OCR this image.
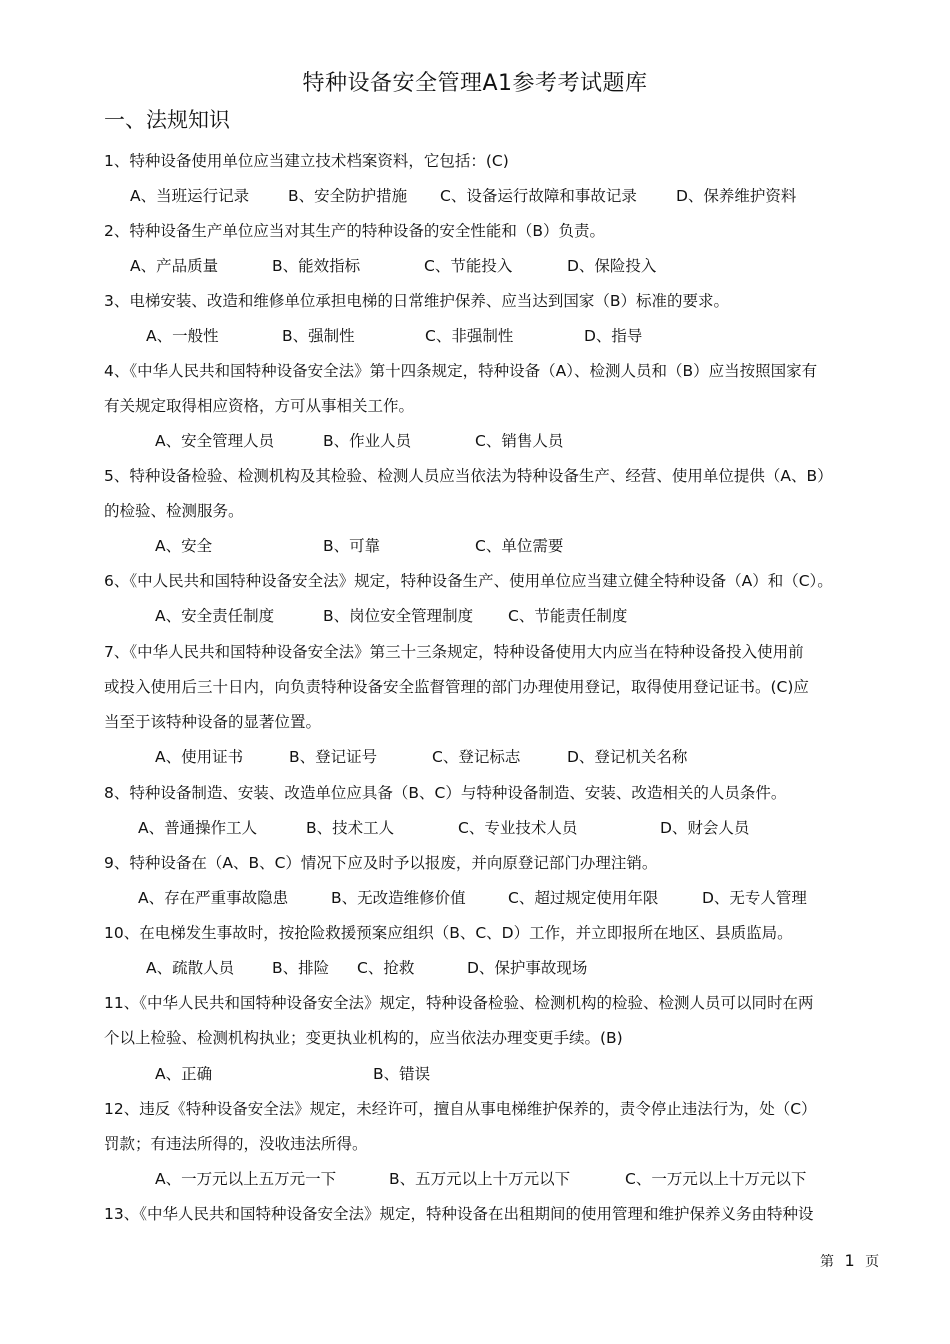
特种设备安全管理A1参考考试题库
一、法规知识
1、特种设备使用单位应当建立技术档案资料，它包括：(C)
A、当班运行记录	B、安全防护措施 C、设备运行故障和事故记录	D、保养维护资料
2、特种设备生产单位应当对其生产的特种设备的安全性能和（B）负责。
A、产品质量	B、能效指标	C、节能投入	D、保险投入
3、电梯安装、改造和维修单位承担电梯的日常维护保养、应当达到国家（B）标准的要求。
A、一般性	B、强制性	C、非强制性	D、指导
4、《中华人民共和国特种设备安全法》第十四条规定，特种设备（A）、检测人员和（B）应当按照国家有
有关规定取得相应资格，方可从事相关工作。
A、安全管理人员	B、作业人员	C、销售人员
5、特种设备检验、检测机构及其检验、检测人员应当依法为特种设备生产、经营、使用单位提供（A、B）
的检验、检测服务。
A、安全	B、可靠	C、单位需要
6、《中人民共和国特种设备安全法》规定，特种设备生产、使用单位应当建立健全特种设备（A）和（C）。
A、安全责任制度	B、岗位安全管理制度 C、节能责任制度
7、《中华人民共和国特种设备安全法》第三十三条规定，特种设备使用大内应当在特种设备投入使用前
或投入使用后三十日内，向负责特种设备安全监督管理的部门办理使用登记，取得使用登记证书。(C)应
当至于该特种设备的显著位置。
A、使用证书	B、登记证号	C、登记标志	D、登记机关名称
8、特种设备制造、安装、改造单位应具备（B、C）与特种设备制造、安装、改造相关的人员条件。
A、普通操作工人	B、技术工人	C、专业技术人员	D、财会人员
9、特种设备在（A、B、C）情况下应及时予以报废，并向原登记部门办理注销。
A、存在严重事故隐患	B、无改造维修价值	C、超过规定使用年限	D、无专人管理
10、在电梯发生事故时，按抢险救援预案应组织（B、C、D）工作，并立即报所在地区、县质监局。
A、疏散人员 B、排险 C、抢救	D、保护事故现场
11、《中华人民共和国特种设备安全法》规定，特种设备检验、检测机构的检验、检测人员可以同时在两
个以上检验、检测机构执业；变更执业机构的，应当依法办理变更手续。(B)
A、正确	B、错误
12、违反《特种设备安全法》规定，未经许可，擅自从事电梯维护保养的，责令停止违法行为，处（C）
罚款；有违法所得的，没收违法所得。
A、一万元以上五万元一下	B、五万元以上十万元以下	C、一万元以上十万元以下
13、《中华人民共和国特种设备安全法》规定，特种设备在出租期间的使用管理和维护保养义务由特种设
第 1 页
